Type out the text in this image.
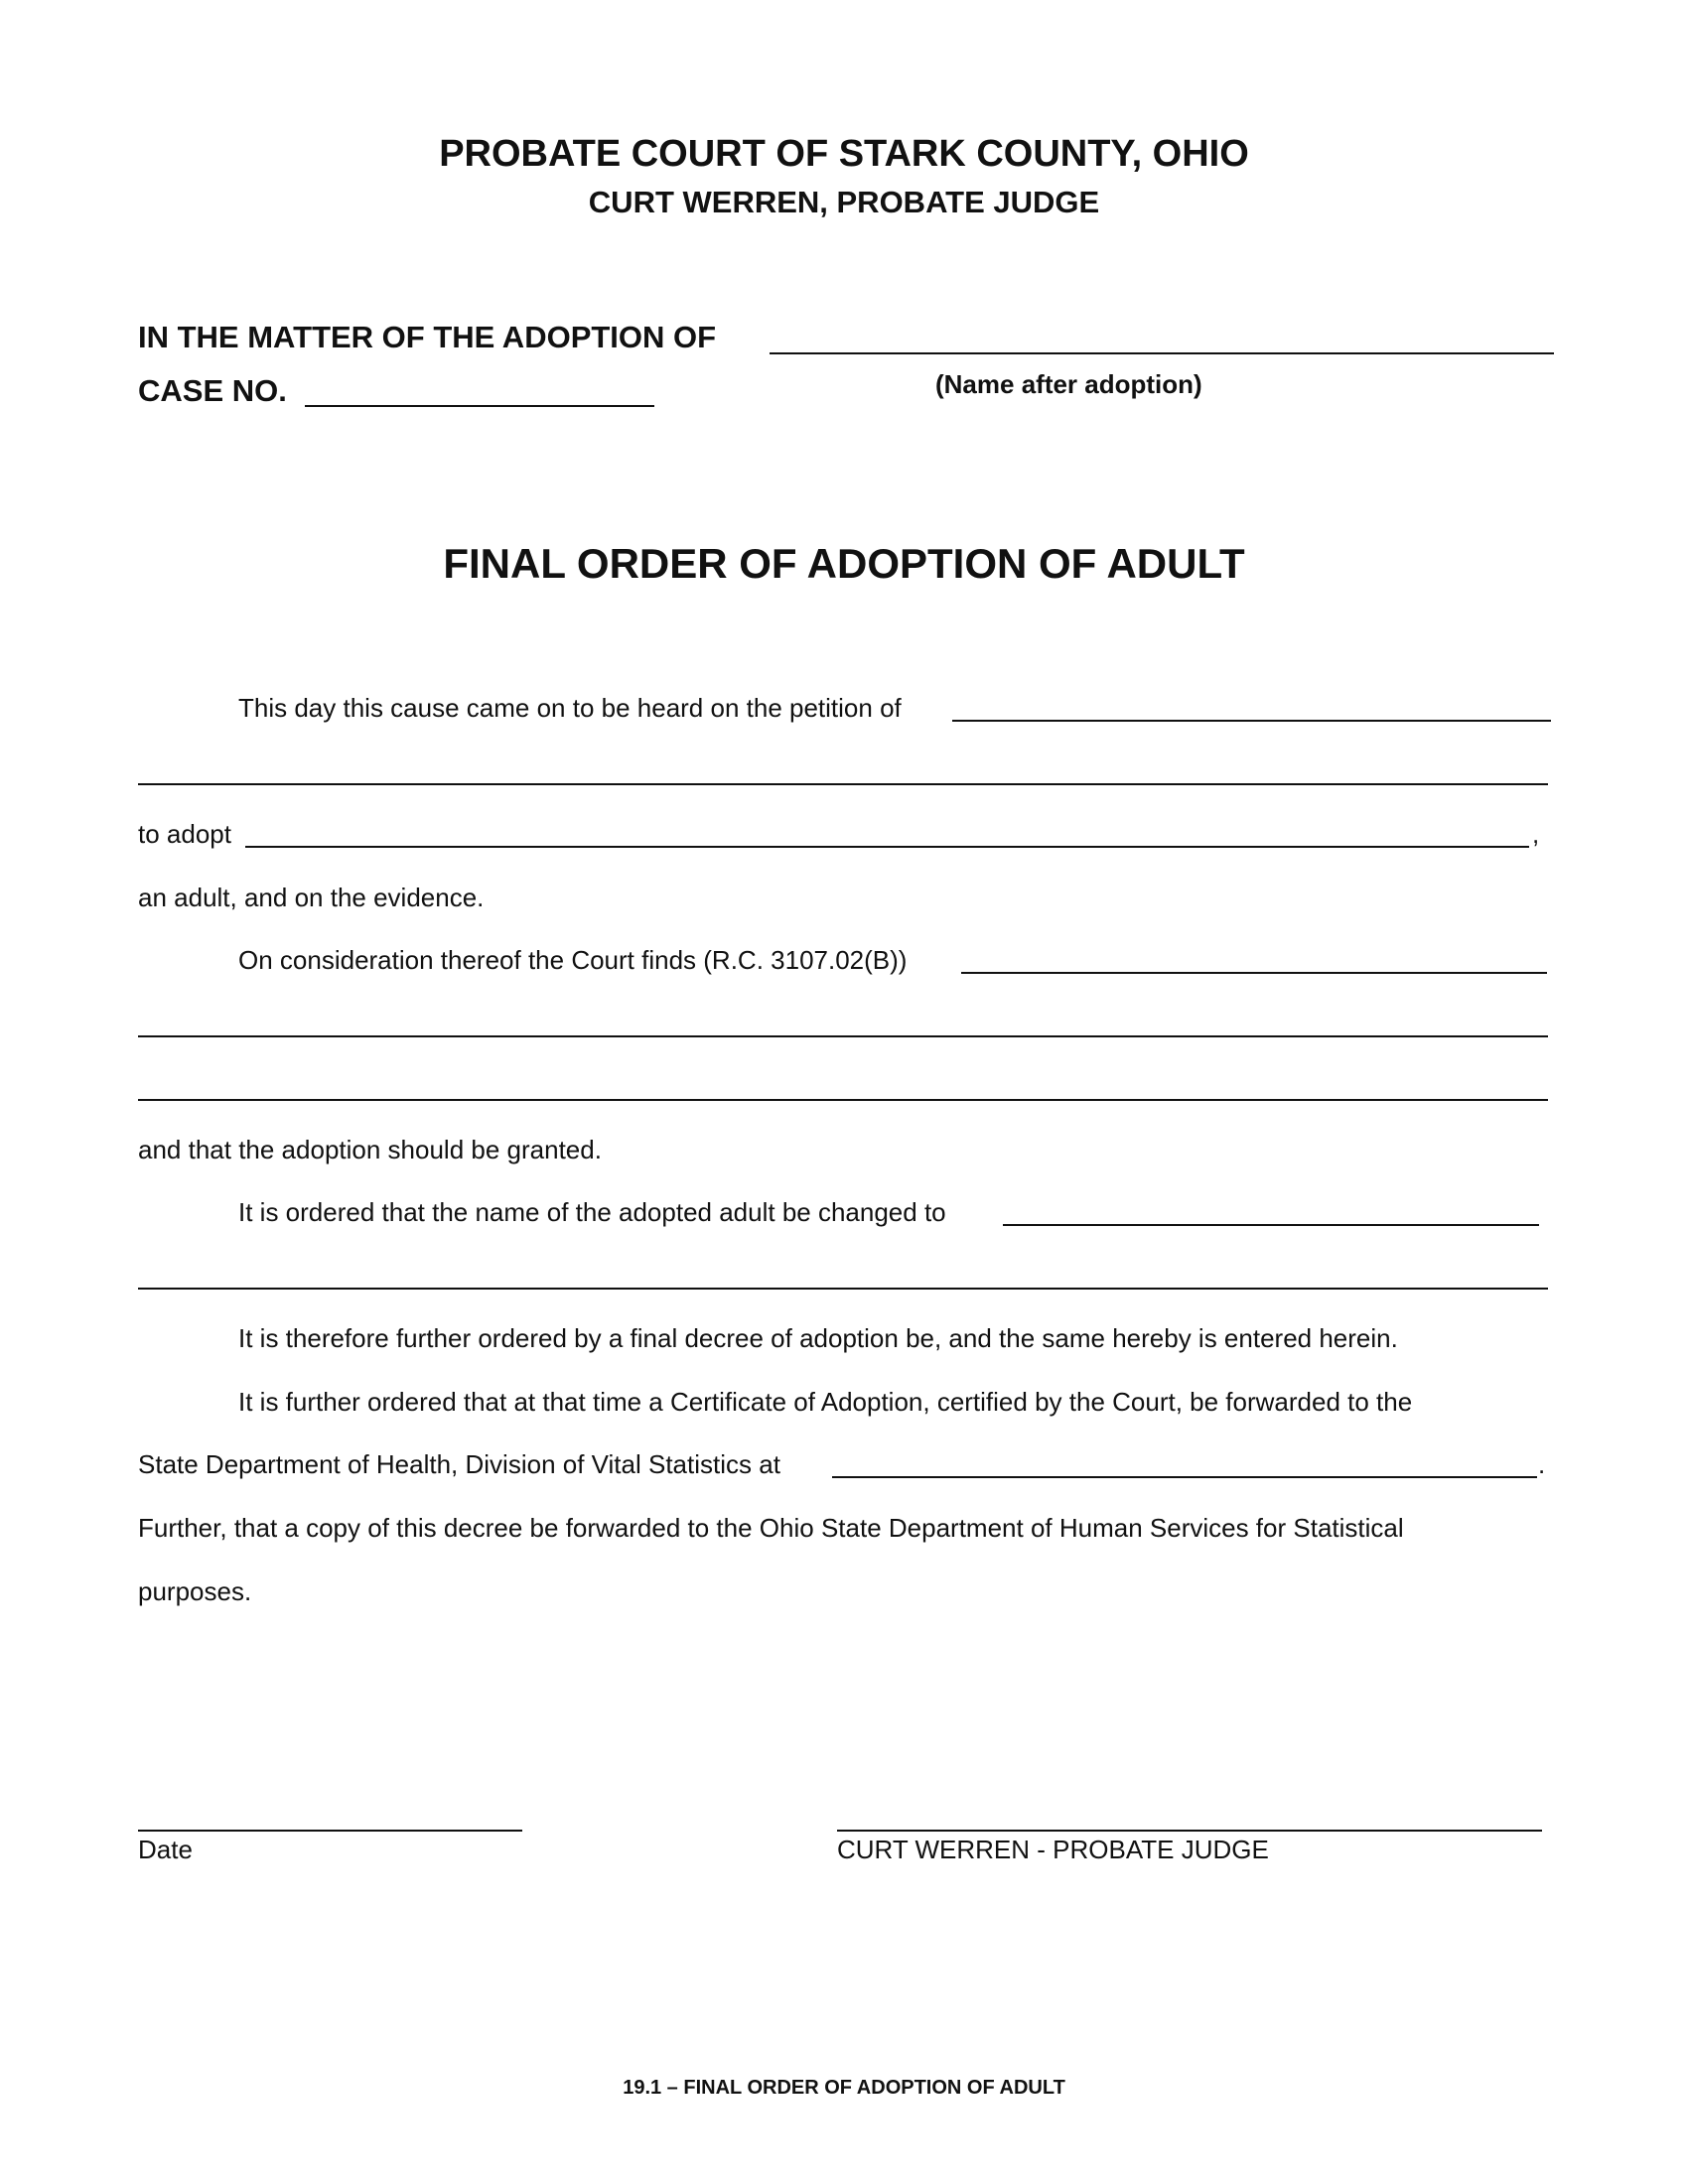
PROBATE COURT OF STARK COUNTY, OHIO
CURT WERREN, PROBATE JUDGE
IN THE MATTER OF THE ADOPTION OF
(Name after adoption)
CASE NO.
FINAL ORDER OF ADOPTION OF ADULT
This day this cause came on to be heard on the petition of
to adopt	,
an adult, and on the evidence.
On consideration thereof the Court finds (R.C. 3107.02(B))
and that the adoption should be granted.
It is ordered that the name of the adopted adult be changed to
It is therefore further ordered by a final decree of adoption be, and the same hereby is entered herein.
It is further ordered that at that time a Certificate of Adoption, certified by the Court, be forwarded to the
State Department of Health, Division of Vital Statistics at	.
Further, that a copy of this decree be forwarded to the Ohio State Department of Human Services for Statistical
purposes.
Date	CURT WERREN - PROBATE JUDGE
19.1 – FINAL ORDER OF ADOPTION OF ADULT
